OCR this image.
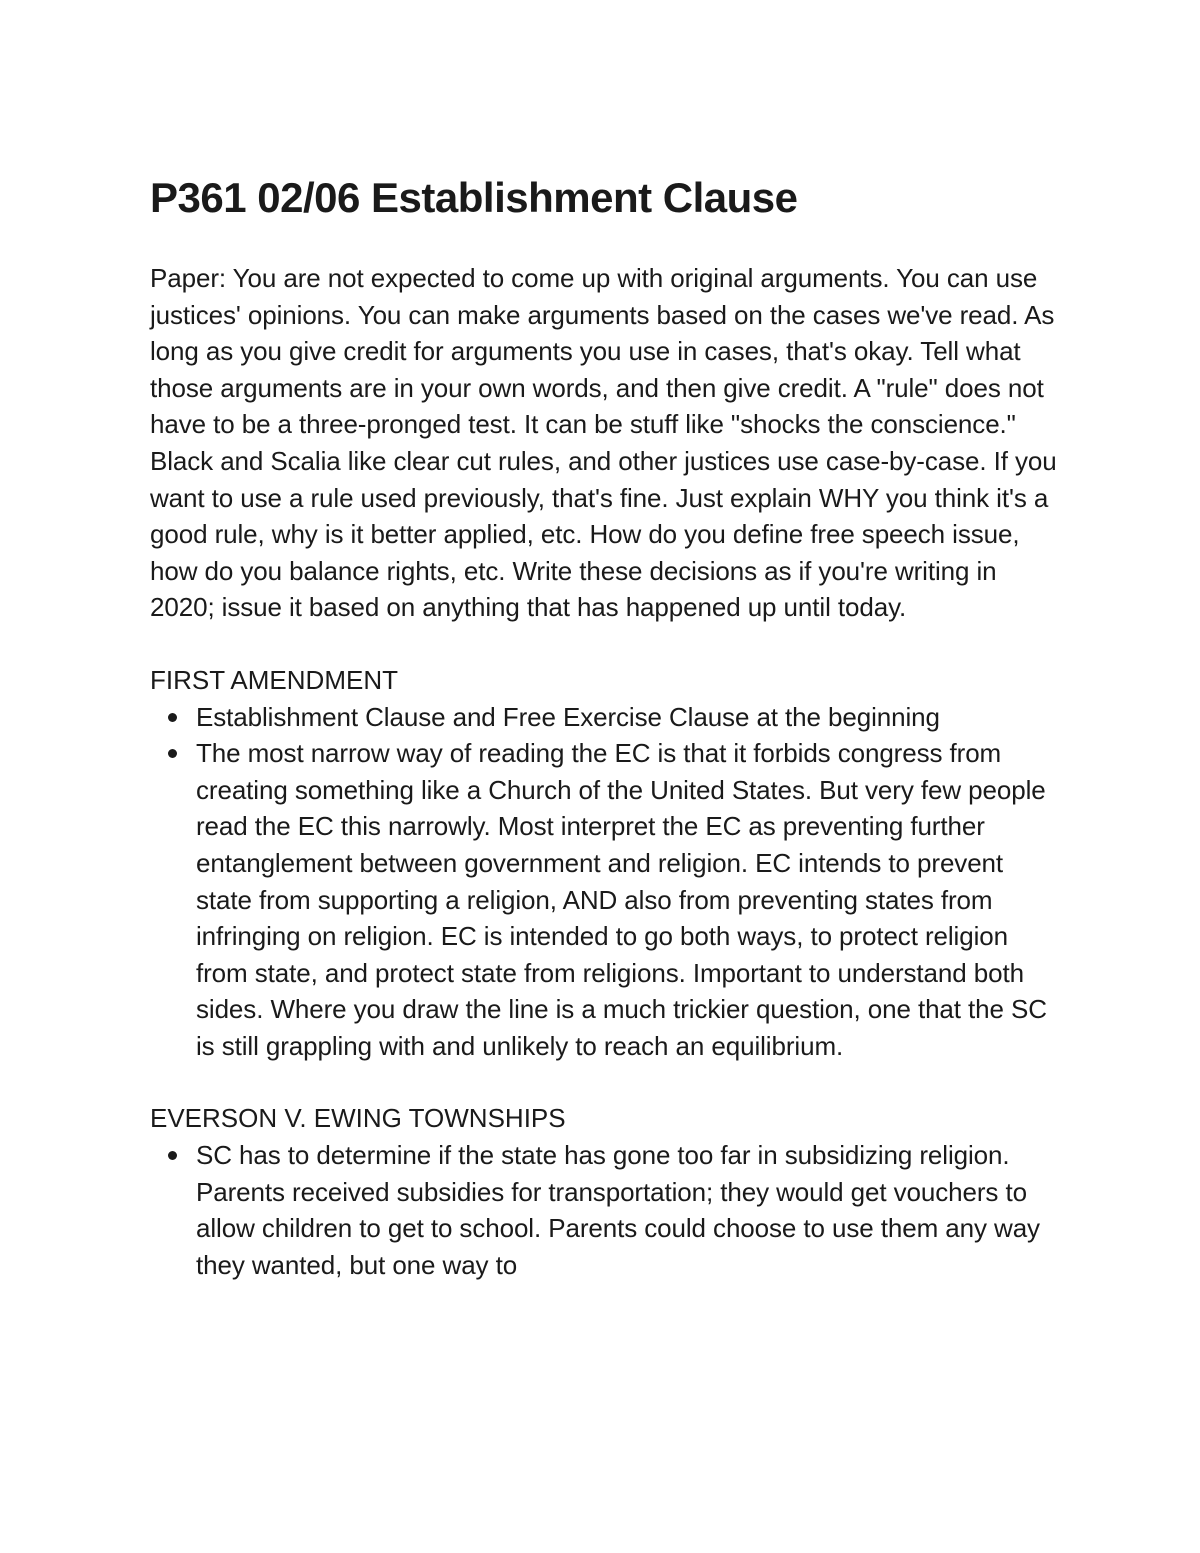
P361 02/06 Establishment Clause

Paper: You are not expected to come up with original arguments. You can use justices' opinions. You can make arguments based on the cases we've read. As long as you give credit for arguments you use in cases, that's okay. Tell what those arguments are in your own words, and then give credit. A "rule" does not have to be a three-pronged test. It can be stuff like "shocks the conscience." Black and Scalia like clear cut rules, and other justices use case-by-case. If you want to use a rule used previously, that's fine. Just explain WHY you think it's a good rule, why is it better applied, etc. How do you define free speech issue, how do you balance rights, etc. Write these decisions as if you're writing in 2020; issue it based on anything that has happened up until today.

FIRST AMENDMENT
Establishment Clause and Free Exercise Clause at the beginning
The most narrow way of reading the EC is that it forbids congress from creating something like a Church of the United States. But very few people read the EC this narrowly. Most interpret the EC as preventing further entanglement between government and religion. EC intends to prevent state from supporting a religion, AND also from preventing states from infringing on religion. EC is intended to go both ways, to protect religion from state, and protect state from religions. Important to understand both sides. Where you draw the line is a much trickier question, one that the SC is still grappling with and unlikely to reach an equilibrium.
EVERSON V. EWING TOWNSHIPS
SC has to determine if the state has gone too far in subsidizing religion. Parents received subsidies for transportation; they would get vouchers to allow children to get to school. Parents could choose to use them any way they wanted, but one way to
